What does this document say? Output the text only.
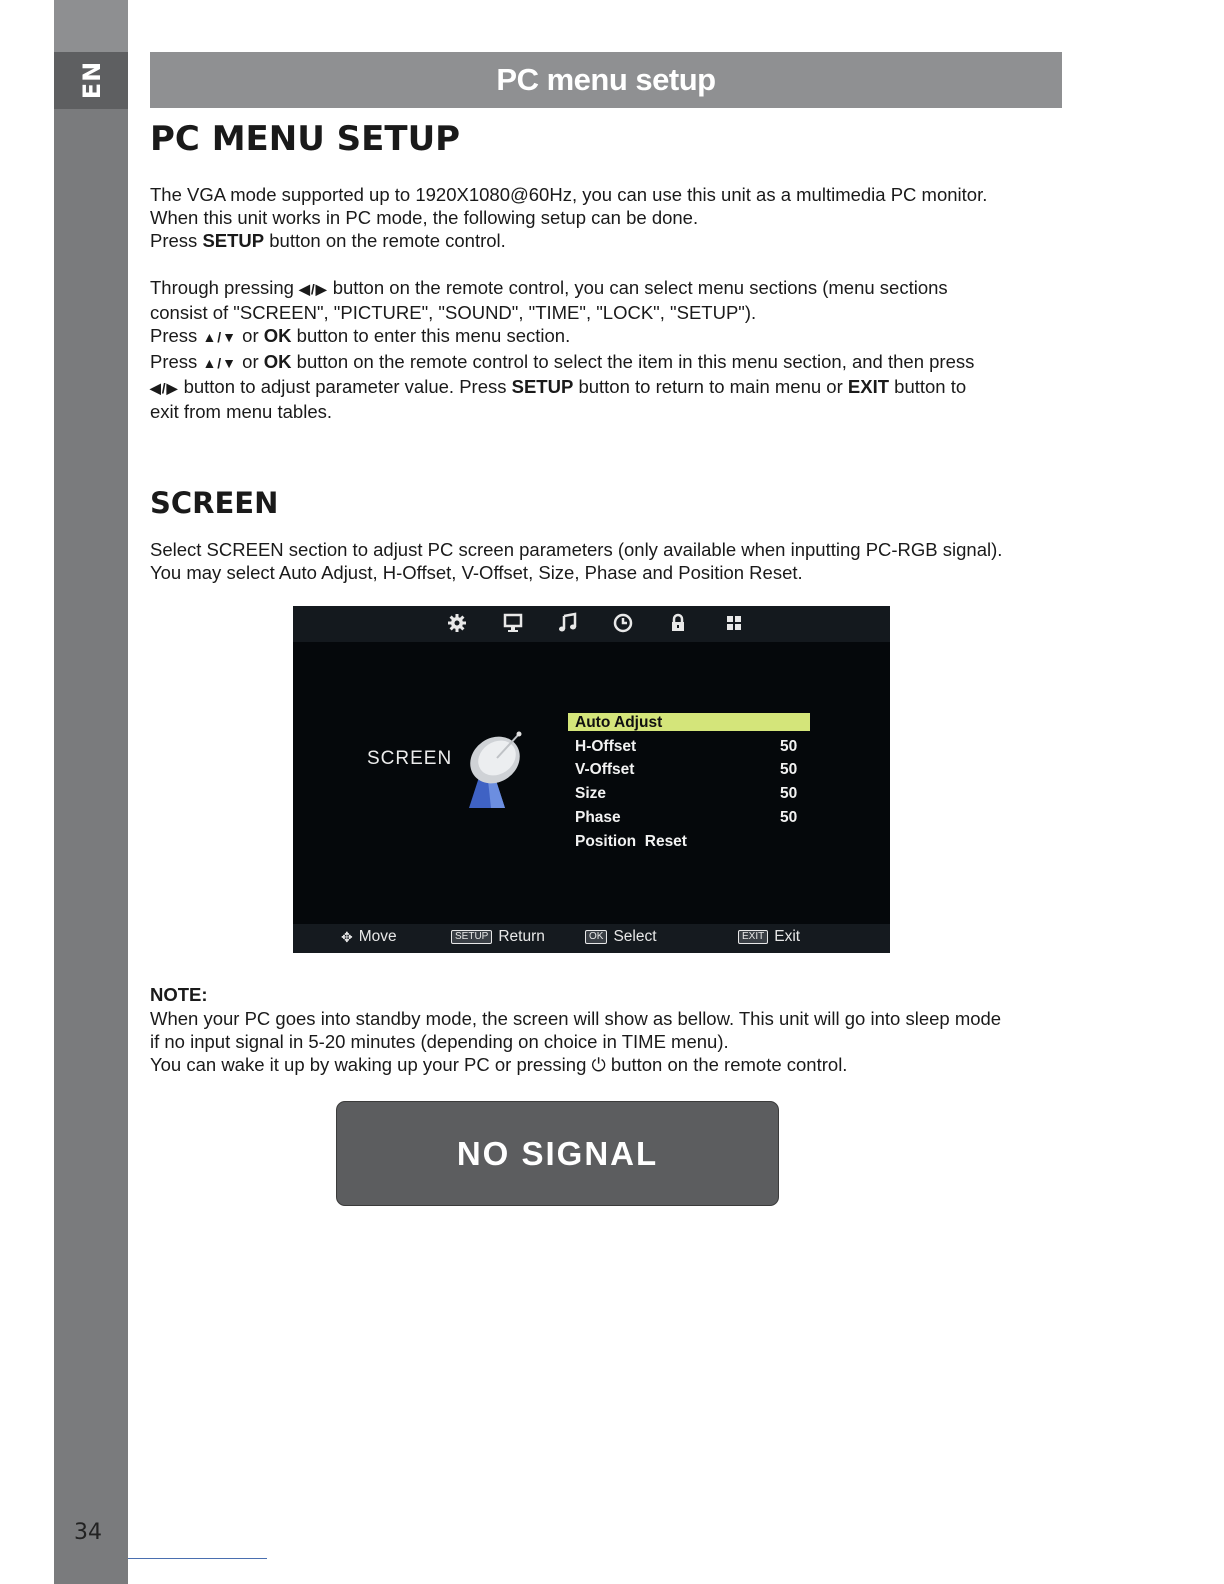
EN
34
PC menu setup
PC MENU SETUP

The VGA mode supported up to 1920X1080@60Hz, you can use this unit as a multimedia PC monitor.
When this unit works in PC mode, the following setup can be done.
Press SETUP button on the remote control.

Through pressing ◀/▶ button on the remote control, you can select menu sections (menu sections
consist of "SCREEN", "PICTURE", "SOUND", "TIME", "LOCK", "SETUP").
Press ▲/▼ or OK button to enter this menu section.
Press ▲/▼ or OK button on the remote control to select the item in this menu section, and then press
◀/▶ button to adjust parameter value. Press SETUP button to return to main menu or EXIT button to
exit from menu tables.

SCREEN

Select SCREEN section to adjust PC screen parameters (only available when inputting PC-RGB signal).
You may select Auto Adjust, H-Offset, V-Offset, Size, Phase and Position Reset.

SCREEN
Auto Adjust
H-Offset	50
V-Offset	50
Size	50
Phase	50
Position  Reset
✥ Move	SETUP Return	OK Select	EXIT Exit
NOTE:

When your PC goes into standby mode, the screen will show as bellow. This unit will go into sleep mode
if no input signal in 5-20 minutes (depending on choice in TIME menu).
You can wake it up by waking up your PC or pressing ⏻ button on the remote control.

NO SIGNAL
